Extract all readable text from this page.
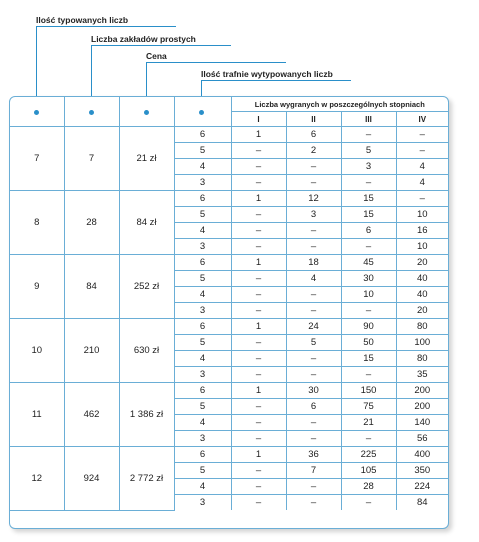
Ilość typowanych liczb
Liczba zakładów prostych
Cena
Ilość trafnie wytypowanych liczb
				Liczba wygranych w poszczególnych stopniach			
				I	II	III	IV
7	7	21 zł	6	1	6	–	–
			5	–	2	5	–
			4	–	–	3	4
			3	–	–	–	4
8	28	84 zł	6	1	12	15	–
			5	–	3	15	10
			4	–	–	6	16
			3	–	–	–	10
9	84	252 zł	6	1	18	45	20
			5	–	4	30	40
			4	–	–	10	40
			3	–	–	–	20
10	210	630 zł	6	1	24	90	80
			5	–	5	50	100
			4	–	–	15	80
			3	–	–	–	35
11	462	1 386 zł	6	1	30	150	200
			5	–	6	75	200
			4	–	–	21	140
			3	–	–	–	56
12	924	2 772 zł	6	1	36	225	400
			5	–	7	105	350
			4	–	–	28	224
			3	–	–	–	84
